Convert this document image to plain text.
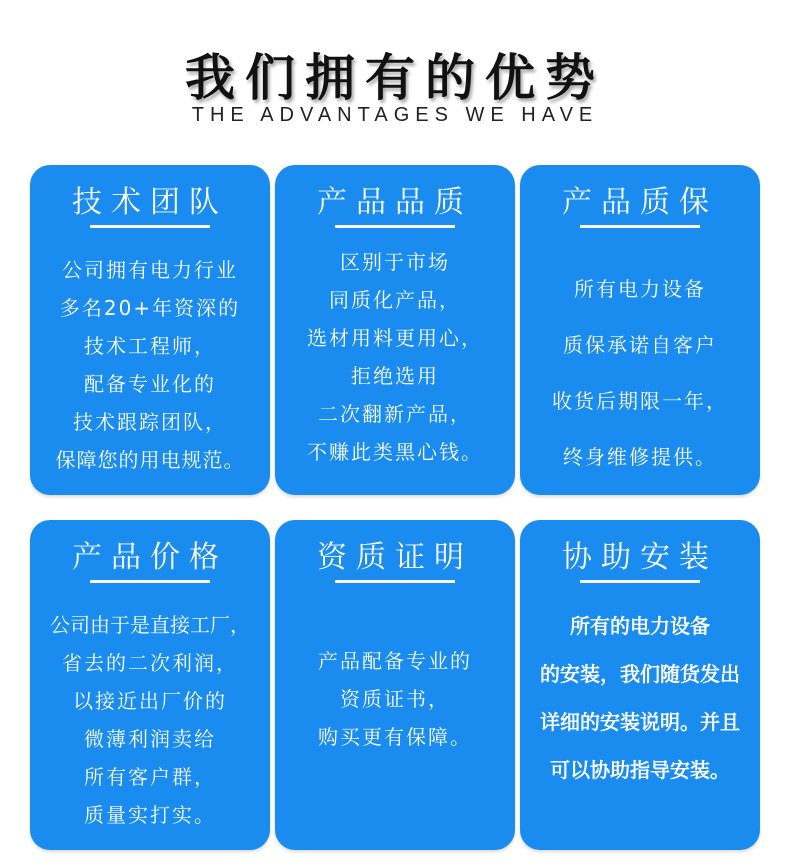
我们拥有的优势
THE ADVANTAGES WE HAVE
技术团队
公司拥有电力行业
多名20+年资深的
技术工程师，
配备专业化的
技术跟踪团队，
保障您的用电规范。
产品品质
区别于市场
同质化产品，
选材用料更用心，
拒绝选用
二次翻新产品，
不赚此类黑心钱。
产品质保
所有电力设备
质保承诺自客户
收货后期限一年，
终身维修提供。
产品价格
公司由于是直接工厂，
省去的二次利润，
以接近出厂价的
微薄利润卖给
所有客户群，
质量实打实。
资质证明
产品配备专业的
资质证书，
购买更有保障。
协助安装
所有的电力设备
的安装，我们随货发出
详细的安装说明。并且
可以协助指导安装。
